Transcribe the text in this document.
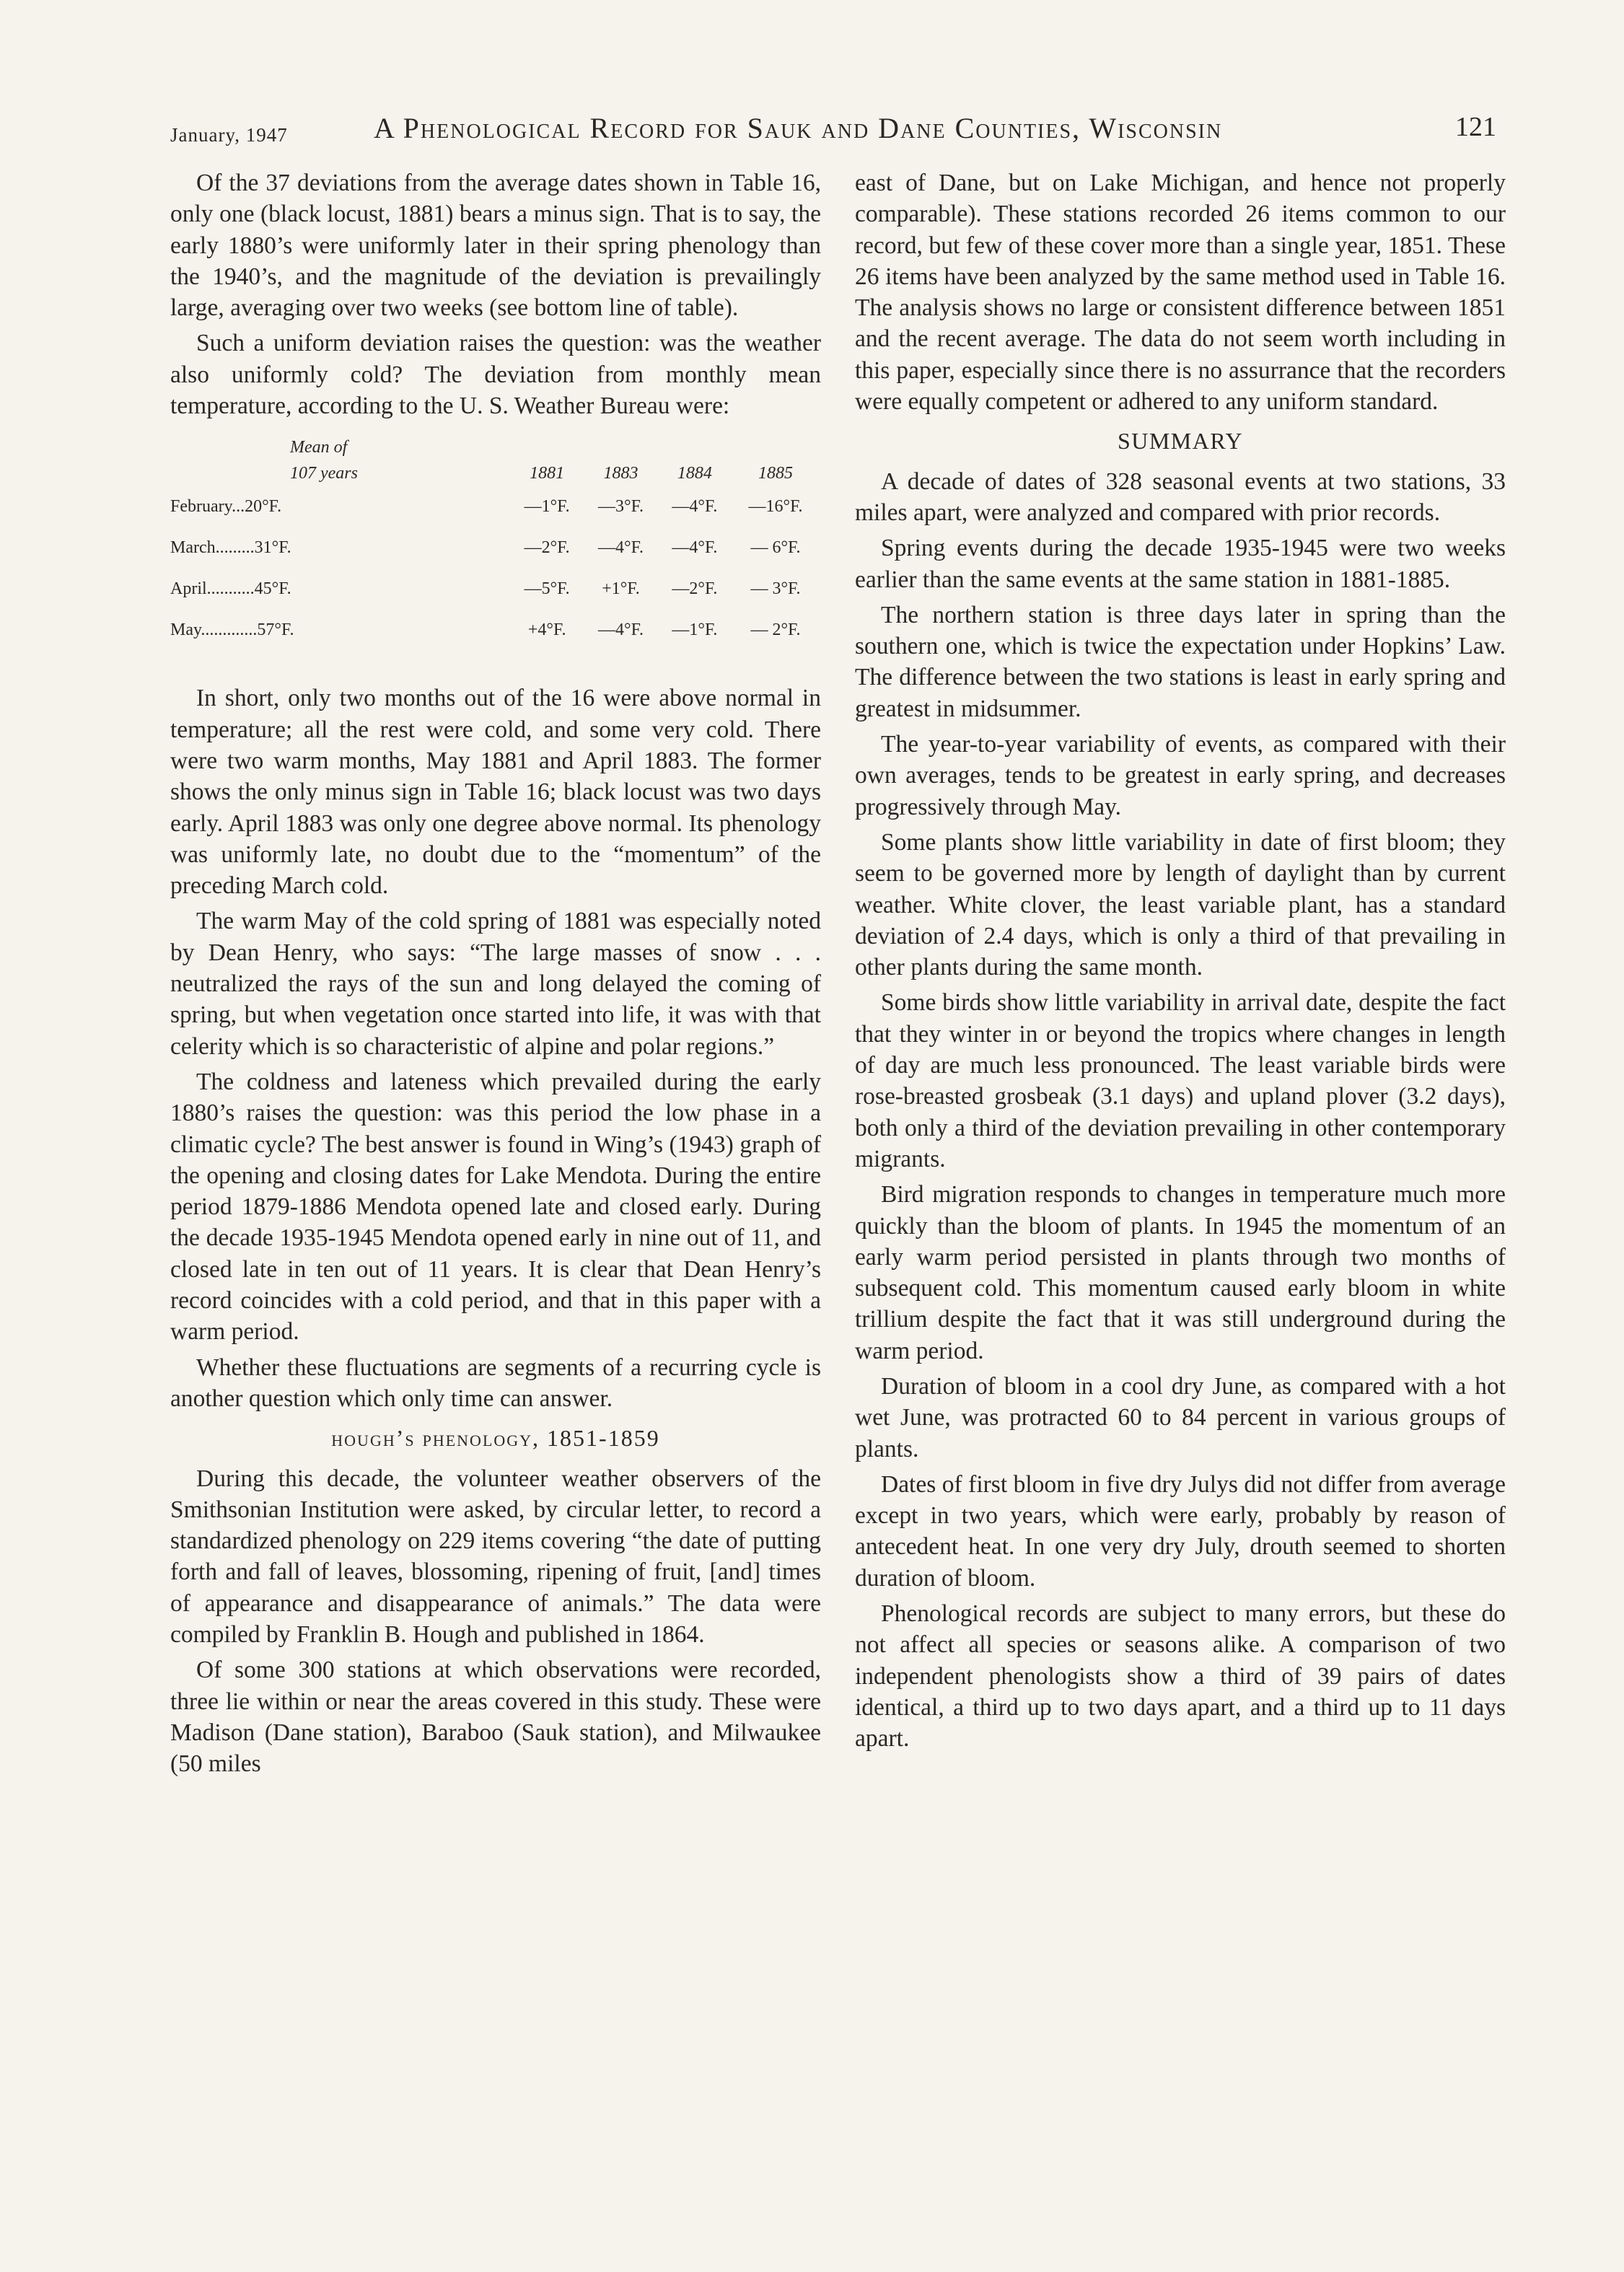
January, 1947	A Phenological Record for Sauk and Dane Counties, Wisconsin	121

Of the 37 deviations from the average dates shown in Table 16, only one (black locust, 1881) bears a minus sign. That is to say, the early 1880’s were uniformly later in their spring phenology than the 1940’s, and the magnitude of the deviation is prevailingly large, averaging over two weeks (see bottom line of table).

Such a uniform deviation raises the question: was the weather also uniformly cold? The deviation from monthly mean temperature, according to the U. S. Weather Bureau were:

Mean of				
107 years	1881	1883	1884	1885
February...20°F.	—1°F.	—3°F.	—4°F.	—16°F.
March.........31°F.	—2°F.	—4°F.	—4°F.	— 6°F.
April...........45°F.	—5°F.	+1°F.	—2°F.	— 3°F.
May.............57°F.	+4°F.	—4°F.	—1°F.	— 2°F.

In short, only two months out of the 16 were above normal in temperature; all the rest were cold, and some very cold. There were two warm months, May 1881 and April 1883. The former shows the only minus sign in Table 16; black locust was two days early. April 1883 was only one degree above normal. Its phenology was uniformly late, no doubt due to the “momentum” of the preceding March cold.

The warm May of the cold spring of 1881 was especially noted by Dean Henry, who says: “The large masses of snow . . . neutralized the rays of the sun and long delayed the coming of spring, but when vegetation once started into life, it was with that celerity which is so characteristic of alpine and polar regions.”

The coldness and lateness which prevailed during the early 1880’s raises the question: was this period the low phase in a climatic cycle? The best answer is found in Wing’s (1943) graph of the opening and closing dates for Lake Mendota. During the entire period 1879-1886 Mendota opened late and closed early. During the decade 1935-1945 Mendota opened early in nine out of 11, and closed late in ten out of 11 years. It is clear that Dean Henry’s record coincides with a cold period, and that in this paper with a warm period.

Whether these fluctuations are segments of a recurring cycle is another question which only time can answer.

hough’s phenology, 1851-1859

During this decade, the volunteer weather observers of the Smithsonian Institution were asked, by circular letter, to record a standardized phenology on 229 items covering “the date of putting forth and fall of leaves, blossoming, ripening of fruit, [and] times of appearance and disappearance of animals.” The data were compiled by Franklin B. Hough and published in 1864.

Of some 300 stations at which observations were recorded, three lie within or near the areas covered in this study. These were Madison (Dane station), Baraboo (Sauk station), and Milwaukee (50 miles

east of Dane, but on Lake Michigan, and hence not properly comparable). These stations recorded 26 items common to our record, but few of these cover more than a single year, 1851. These 26 items have been analyzed by the same method used in Table 16. The analysis shows no large or consistent difference between 1851 and the recent average. The data do not seem worth including in this paper, especially since there is no assurrance that the recorders were equally competent or adhered to any uniform standard.

SUMMARY

A decade of dates of 328 seasonal events at two stations, 33 miles apart, were analyzed and compared with prior records.

Spring events during the decade 1935-1945 were two weeks earlier than the same events at the same station in 1881-1885.

The northern station is three days later in spring than the southern one, which is twice the expectation under Hopkins’ Law. The difference between the two stations is least in early spring and greatest in midsummer.

The year-to-year variability of events, as compared with their own averages, tends to be greatest in early spring, and decreases progressively through May.

Some plants show little variability in date of first bloom; they seem to be governed more by length of daylight than by current weather. White clover, the least variable plant, has a standard deviation of 2.4 days, which is only a third of that prevailing in other plants during the same month.

Some birds show little variability in arrival date, despite the fact that they winter in or beyond the tropics where changes in length of day are much less pronounced. The least variable birds were rose-breasted grosbeak (3.1 days) and upland plover (3.2 days), both only a third of the deviation prevailing in other contemporary migrants.

Bird migration responds to changes in temperature much more quickly than the bloom of plants. In 1945 the momentum of an early warm period persisted in plants through two months of subsequent cold. This momentum caused early bloom in white trillium despite the fact that it was still underground during the warm period.

Duration of bloom in a cool dry June, as compared with a hot wet June, was protracted 60 to 84 percent in various groups of plants.

Dates of first bloom in five dry Julys did not differ from average except in two years, which were early, probably by reason of antecedent heat. In one very dry July, drouth seemed to shorten duration of bloom.

Phenological records are subject to many errors, but these do not affect all species or seasons alike. A comparison of two independent phenologists show a third of 39 pairs of dates identical, a third up to two days apart, and a third up to 11 days apart.
